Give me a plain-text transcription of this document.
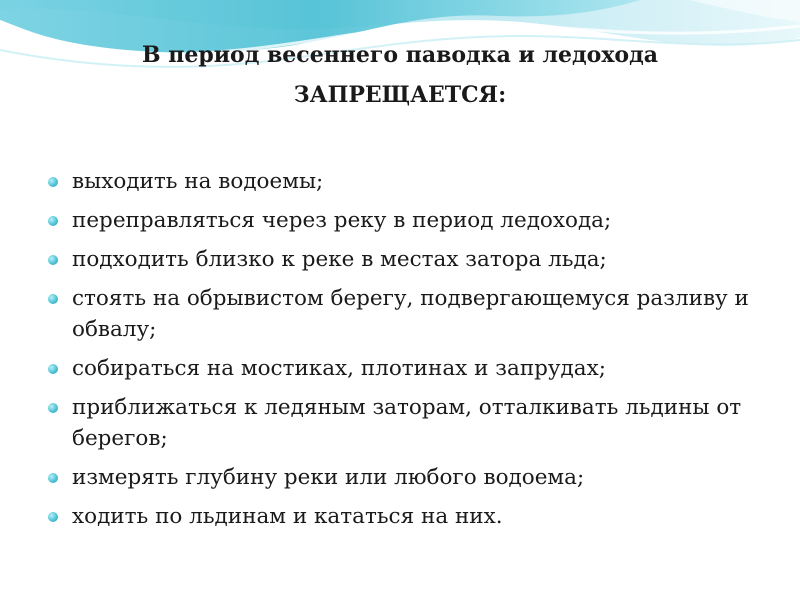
В период весеннего паводка и ледохода
ЗАПРЕЩАЕТСЯ:
выходить на водоемы;
переправляться через реку в период ледохода;
подходить близко к реке в местах затора льда;
стоять на обрывистом берегу, подвергающемуся разливу и обвалу;
собираться на мостиках, плотинах и запрудах;
приближаться к ледяным заторам, отталкивать льдины от берегов;
измерять глубину реки или любого водоема;
ходить по льдинам и кататься на них.
